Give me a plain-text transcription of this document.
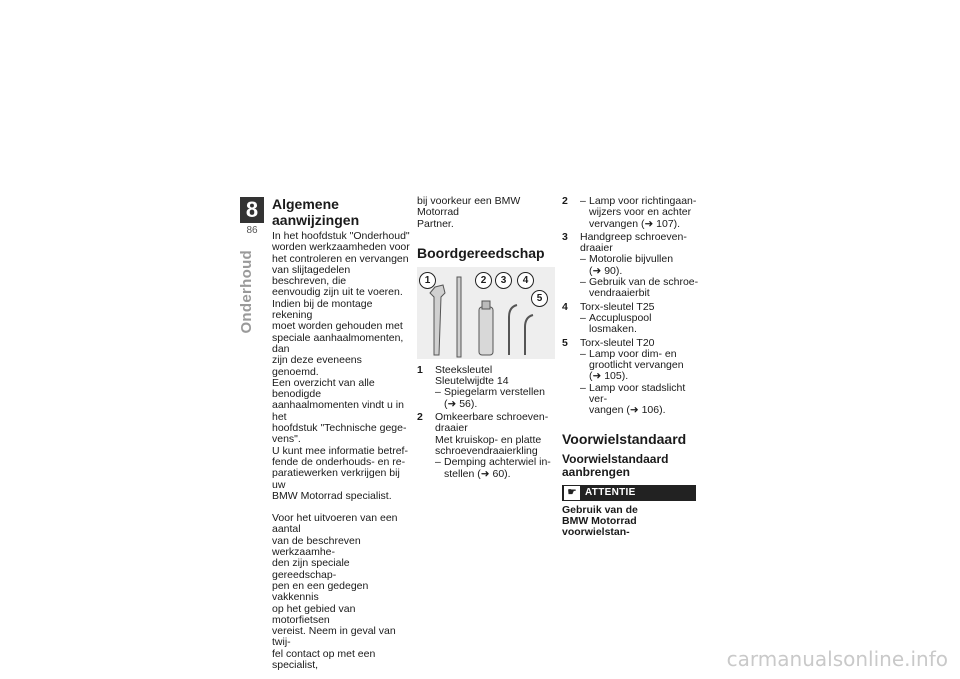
8
86
Onderhoud
Algemene aanwijzingen
In het hoofdstuk "Onderhoud"
worden werkzaamheden voor
het controleren en vervangen
van slijtagedelen beschreven, die
eenvoudig zijn uit te voeren.
Indien bij de montage rekening
moet worden gehouden met
speciale aanhaalmomenten, dan
zijn deze eveneens genoemd.
Een overzicht van alle benodigde
aanhaalmomenten vindt u in het
hoofdstuk "Technische gege-
vens".
U kunt mee informatie betref-
fende de onderhouds- en re-
paratiewerken verkrijgen bij uw
BMW Motorrad specialist.
Voor het uitvoeren van een aantal
van de beschreven werkzaamhe-
den zijn speciale gereedschap-
pen en een gedegen vakkennis
op het gebied van motorfietsen
vereist. Neem in geval van twij-
fel contact op met een specialist,
bij voorkeur een BMW Motorrad
Partner.
Boordgereedschap
1	2	3	4
5
1 Steeksleutel
Sleutelwijdte 14
– Spiegelarm verstellen
(➜ 56).
2 Omkeerbare schroeven-
draaier
Met kruiskop- en platte
schroevendraaierkling
– Demping achterwiel in-
stellen (➜ 60).
2
–	Lamp voor richtingaan-
wijzers voor en achter
vervangen (➜ 107).
3 Handgreep schroeven-
draaier
– Motorolie bijvullen
(➜ 90).
– Gebruik van de schroe-
vendraaierbit
4 Torx-sleutel T25
– Accupluspool losmaken.
5 Torx-sleutel T20
– Lamp voor dim- en
grootlicht vervangen
(➜ 105).
– Lamp voor stadslicht ver-
vangen (➜ 106).
Voorwielstandaard
Voorwielstandaard
aanbrengen
☛ ATTENTIE
Gebruik van de
BMW Motorrad voorwielstan-
carmanualsonline.info
